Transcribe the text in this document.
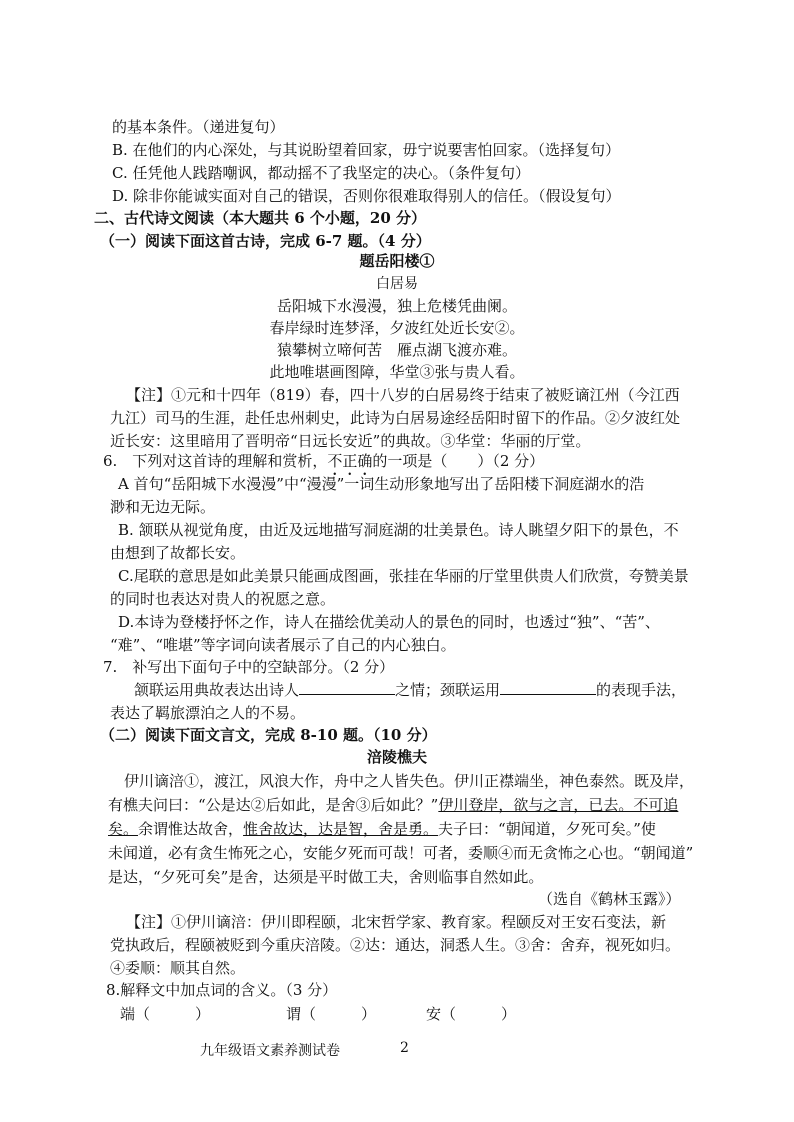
的基本条件。（递进复句）
B. 在他们的内心深处，与其说盼望着回家，毋宁说要害怕回家。（选择复句）
C. 任凭他人践踏嘲讽，都动摇不了我坚定的决心。（条件复句）
D. 除非你能诚实面对自己的错误，否则你很难取得别人的信任。（假设复句）
二、古代诗文阅读（本大题共 6 个小题，20 分）
（一）阅读下面这首古诗，完成 6-7 题。（4 分）
题岳阳楼①
白居易
岳阳城下水漫漫，独上危楼凭曲阑。
春岸绿时连梦泽，夕波红处近长安②。
猿攀树立啼何苦　雁点湖飞渡亦难。
此地唯堪画图障，华堂③张与贵人看。
【注】①元和十四年（819）春，四十八岁的白居易终于结束了被贬谪江州（今江西
九江）司马的生涯，赴任忠州刺史，此诗为白居易途经岳阳时留下的作品。②夕波红处
近长安：这里暗用了晋明帝“日远长安近”的典故。③华堂：华丽的厅堂。
6.　下列对这首诗的理解和赏析，不正确的一项是（　　）（2 分）
A 首句“岳阳城下水漫漫”中“漫漫”一词生动形象地写出了岳阳楼下洞庭湖水的浩
渺和无边无际。
B. 颔联从视觉角度，由近及远地描写洞庭湖的壮美景色。诗人眺望夕阳下的景色，不
由想到了故都长安。
C.尾联的意思是如此美景只能画成图画，张挂在华丽的厅堂里供贵人们欣赏，夸赞美景
的同时也表达对贵人的祝愿之意。
D.本诗为登楼抒怀之作，诗人在描绘优美动人的景色的同时，也透过“独”、“苦”、
“难”、“唯堪”等字词向读者展示了自己的内心独白。
7.　补写出下面句子中的空缺部分。（2 分）
颔联运用典故表达出诗人	之情；颈联运用	的表现手法，
表达了羁旅漂泊之人的不易。
（二）阅读下面文言文，完成 8-10 题。（10 分）
涪陵樵夫
伊川谪涪①，渡江，风浪大作，舟中之人皆失色。伊川正襟端坐，神色泰然。既及岸，
有樵夫问曰：“公是达②后如此，是舍③后如此？”伊川登岸，欲与之言，已去。不可追
矣。余谓惟达故舍，惟舍故达，达是智，舍是勇。夫子曰：“朝闻道，夕死可矣。”使
未闻道，必有贪生怖死之心，安能夕死而可哉！可者，委顺④而无贪怖之心也。“朝闻道”
是达，“夕死可矣”是舍，达须是平时做工夫，舍则临事自然如此。
（选自《鹤林玉露》）
【注】①伊川谪涪：伊川即程颐，北宋哲学家、教育家。程颐反对王安石变法，新
党执政后，程颐被贬到今重庆涪陵。②达：通达，洞悉人生。③舍：舍弃，视死如归。
④委顺：顺其自然。
8.解释文中加点词的含义。（3 分）
端（　　　）	谓（　　　）	安（　　　）
九年级语文素养测试卷	2
